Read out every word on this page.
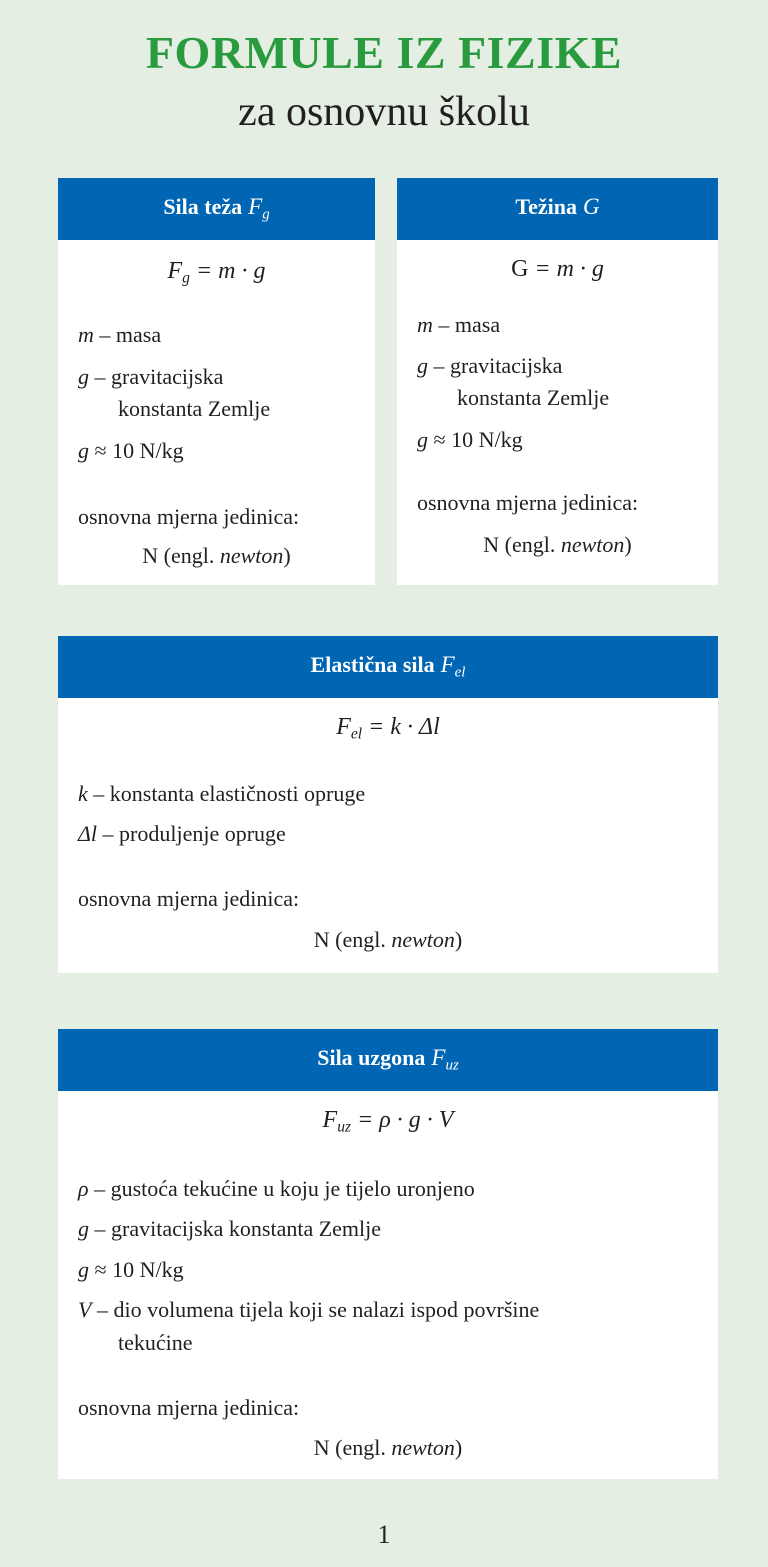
FORMULE IZ FIZIKE
za osnovnu školu
Sila teža $F_g$
$F_g = m \cdot g$
m – masa
g – gravitacijska
konstanta Zemlje
g ≈ 10 N/kg
osnovna mjerna jedinica:
N (engl. newton)
Težina G
G = m · g
m – masa
g – gravitacijska
konstanta Zemlje
g ≈ 10 N/kg
osnovna mjerna jedinica:
N (engl. newton)
Elastična sila $F_{el}$
$F_{el} = k \cdot \Delta l$
k – konstanta elastičnosti opruge
Δl – produljenje opruge
osnovna mjerna jedinica:
N (engl. newton)
Sila uzgona $F_{uz}$
$F_{uz} = \rho \cdot g \cdot V$
ρ – gustoća tekućine u koju je tijelo uronjeno
g – gravitacijska konstanta Zemlje
g ≈ 10 N/kg
V – dio volumena tijela koji se nalazi ispod površine
tekućine
osnovna mjerna jedinica:
N (engl. newton)
1
